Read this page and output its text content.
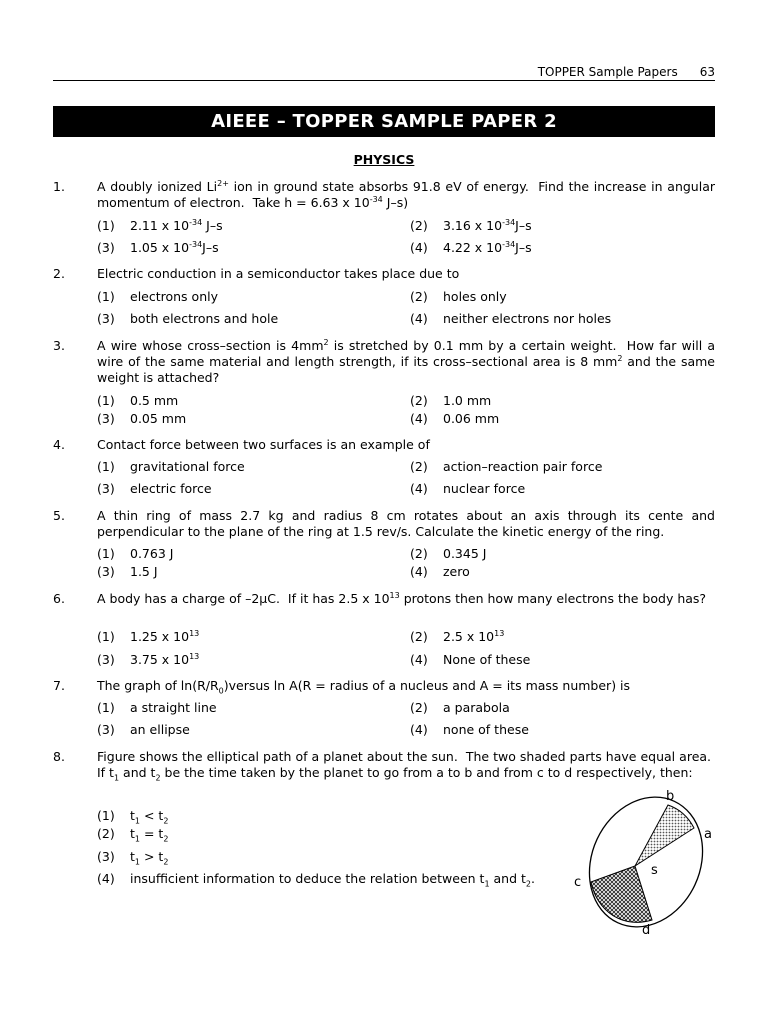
TOPPER Sample Papers 63
AIEEE – TOPPER SAMPLE PAPER 2
PHYSICS
1.	A doubly ionized $Li^{2+}$ ion in ground state absorbs 91.8 eV of energy.  Find the increase in angular momentum of electron.  Take h = 6.63 x $10^{-34}$ J–s)
(1) 2.11 x $10^{-34}$ J–s	(2) 3.16 x $10^{-34}J-s$
(3) 1.05 x $10^{-34}J-s$	(4) 4.22 x $10^{-34}J-s$
2.	Electric conduction in a semiconductor takes place due to
(1) electrons only	(2) holes only
(3) both electrons and hole	(4) neither electrons nor holes
3.	A wire whose cross–section is $4mm^2$ is stretched by 0.1 mm by a certain weight.  How far will a wire of the same material and length strength, if its cross–sectional area is 8 $mm^2$ and the same weight is attached?
(1) 0.5 mm	(2) 1.0 mm
(3) 0.05 mm	(4) 0.06 mm
4.	Contact force between two surfaces is an example of
(1) gravitational force	(2) action–reaction pair force
(3) electric force	(4) nuclear force
5.	A thin ring of mass 2.7 kg and radius 8 cm rotates about an axis through its cente and perpendicular to the plane of the ring at 1.5 rev/s. Calculate the kinetic energy of the ring.
(1) 0.763 J	(2) 0.345 J
(3) 1.5 J	(4) zero
6.	A body has a charge of –2μC.  If it has 2.5 x $10^{13}$ protons then how many electrons the body has?
(1) 1.25 x $10^{13}$	(2) 2.5 x $10^{13}$
(3) 3.75 x $10^{13}$	(4) None of these
7.	The graph of $\ln(R/R_0)versus$ ln A(R = radius of a nucleus and A = its mass number) is
(1) a straight line	(2) a parabola
(3) an ellipse	(4) none of these
8.	Figure shows the elliptical path of a planet about the sun.  The two shaded parts have equal area.  If $t_1$ and $t_2$ be the time taken by the planet to go from a to b and from c to d respectively, then:
(1) $t_1 < t_2$
(2) $t_1 = t_2$
(3) $t_1 > t_2$
(4) insufficient information to deduce the relation between $t_1$ and $t_2$.
b
a
c
d
s
